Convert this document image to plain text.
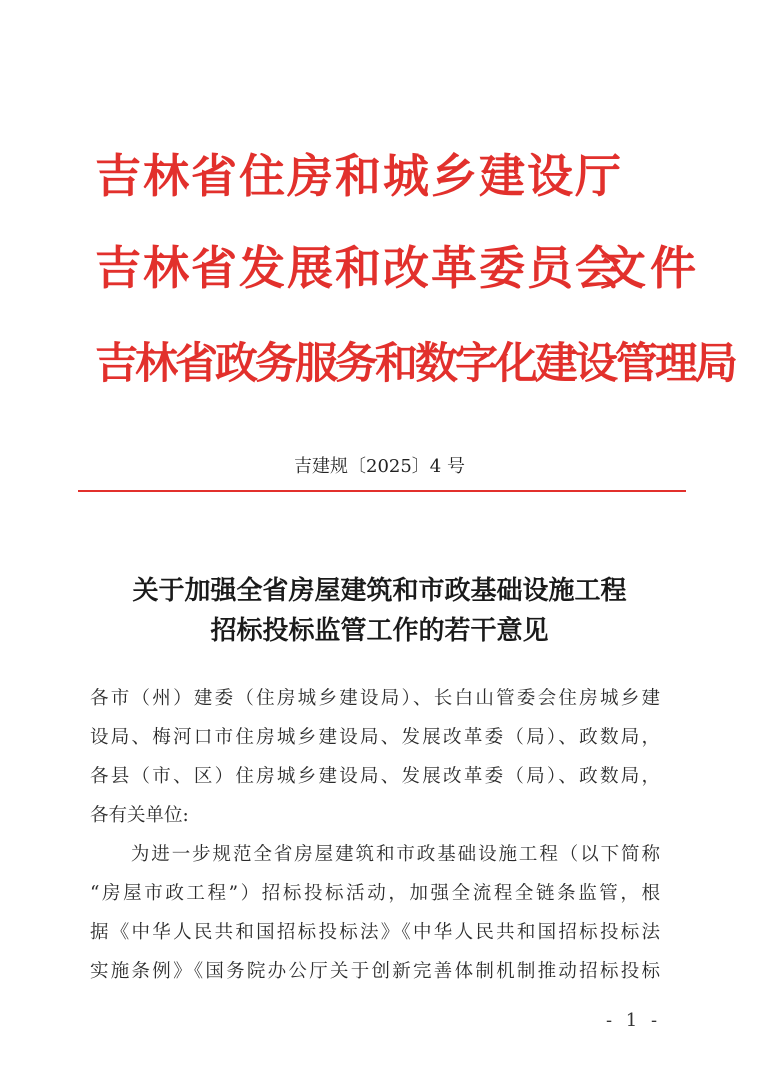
吉林省住房和城乡建设厅
吉林省发展和改革委员会
文件
吉林省政务服务和数字化建设管理局
吉建规〔2025〕4 号
关于加强全省房屋建筑和市政基础设施工程
招标投标监管工作的若干意见
各市（州）建委（住房城乡建设局）、长白山管委会住房城乡建
设局、梅河口市住房城乡建设局、发展改革委（局）、政数局，
各县（市、区）住房城乡建设局、发展改革委（局）、政数局，
各有关单位:
　　为进一步规范全省房屋建筑和市政基础设施工程（以下简称
“房屋市政工程”）招标投标活动，加强全流程全链条监管，根
据《中华人民共和国招标投标法》《中华人民共和国招标投标法
实施条例》《国务院办公厅关于创新完善体制机制推动招标投标
- 1 -
